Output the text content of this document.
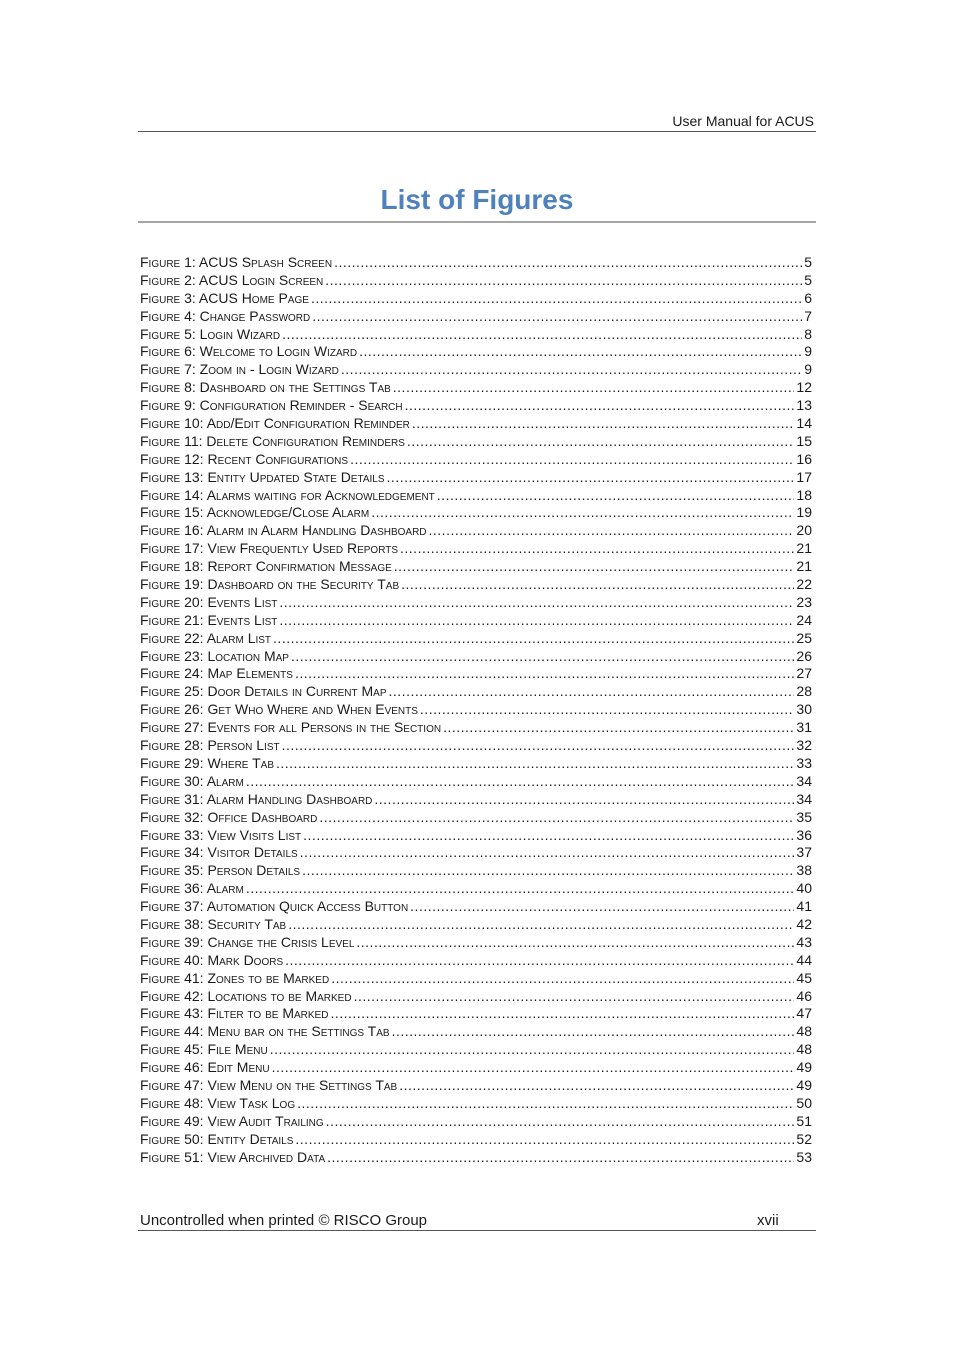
User Manual for ACUS
List of Figures
Figure 1: ACUS Splash Screen .....	5
Figure 2: ACUS Login Screen .....	5
Figure 3: ACUS Home Page .....	6
Figure 4: Change Password .....	7
Figure 5: Login Wizard .....	8
Figure 6: Welcome to Login Wizard .....	9
Figure 7: Zoom in - Login Wizard .....	9
Figure 8: Dashboard on the Settings Tab .....	12
Figure 9: Configuration Reminder - Search .....	13
Figure 10: Add/Edit Configuration Reminder .....	14
Figure 11: Delete Configuration Reminders .....	15
Figure 12: Recent Configurations .....	16
Figure 13: Entity Updated State Details .....	17
Figure 14: Alarms waiting for Acknowledgement .....	18
Figure 15: Acknowledge/Close Alarm .....	19
Figure 16: Alarm in Alarm Handling Dashboard .....	20
Figure 17: View Frequently Used Reports .....	21
Figure 18: Report Confirmation Message .....	21
Figure 19: Dashboard on the Security Tab .....	22
Figure 20: Events List .....	23
Figure 21: Events List .....	24
Figure 22: Alarm List .....	25
Figure 23: Location Map .....	26
Figure 24: Map Elements .....	27
Figure 25: Door Details in Current Map .....	28
Figure 26: Get Who Where and When Events .....	30
Figure 27: Events for all Persons in the Section .....	31
Figure 28: Person List .....	32
Figure 29: Where Tab .....	33
Figure 30: Alarm .....	34
Figure 31: Alarm Handling Dashboard .....	34
Figure 32: Office Dashboard .....	35
Figure 33: View Visits List .....	36
Figure 34: Visitor Details .....	37
Figure 35: Person Details .....	38
Figure 36: Alarm .....	40
Figure 37: Automation Quick Access Button .....	41
Figure 38: Security Tab .....	42
Figure 39: Change the Crisis Level .....	43
Figure 40: Mark Doors .....	44
Figure 41: Zones to be Marked .....	45
Figure 42: Locations to be Marked .....	46
Figure 43: Filter to be Marked .....	47
Figure 44: Menu bar on the Settings Tab .....	48
Figure 45: File Menu .....	48
Figure 46: Edit Menu .....	49
Figure 47: View Menu on the Settings Tab .....	49
Figure 48: View Task Log .....	50
Figure 49: View Audit Trailing .....	51
Figure 50: Entity Details .....	52
Figure 51: View Archived Data .....	53
Uncontrolled when printed © RISCO Group	xvii
